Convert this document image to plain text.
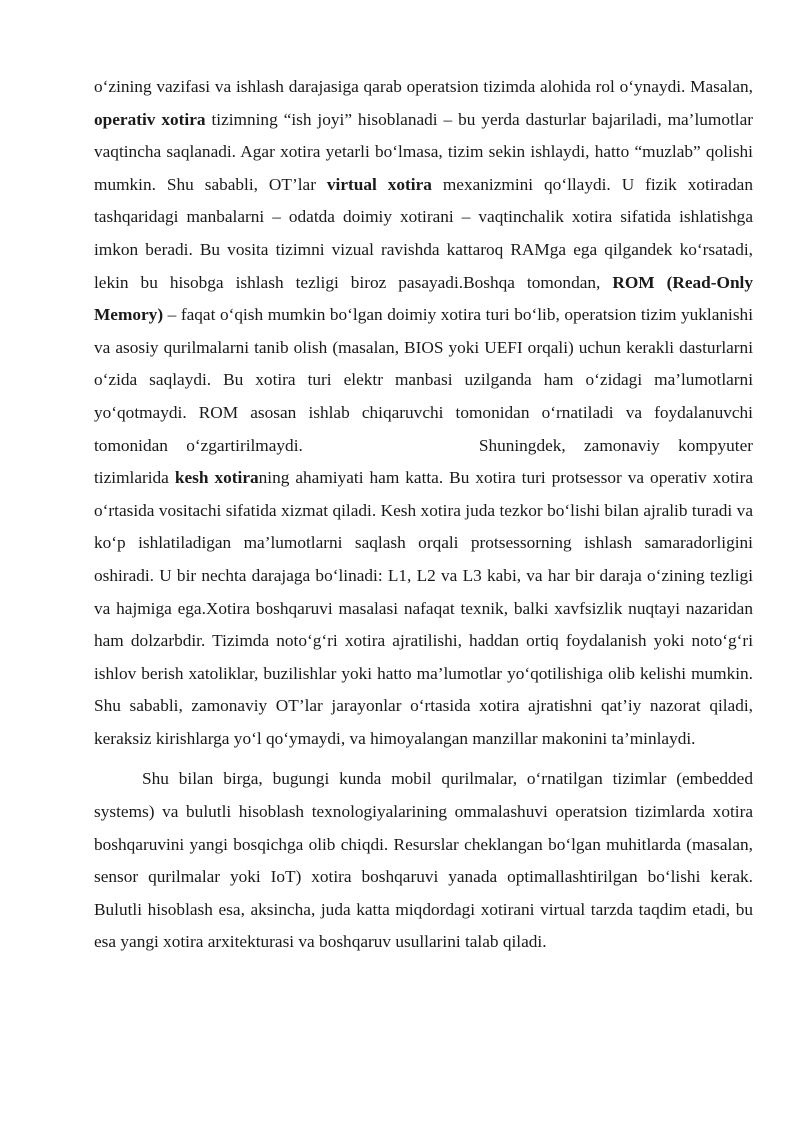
o‘zining vazifasi va ishlash darajasiga qarab operatsion tizimda alohida rol o‘ynaydi. Masalan, operativ xotira tizimning “ish joyi” hisoblanadi – bu yerda dasturlar bajariladi, ma’lumotlar vaqtincha saqlanadi. Agar xotira yetarli bo‘lmasa, tizim sekin ishlaydi, hatto “muzlab” qolishi mumkin. Shu sababli, OT’lar virtual xotira mexanizmini qo‘llaydi. U fizik xotiradan tashqaridagi manbalarni – odatda doimiy xotirani – vaqtinchalik xotira sifatida ishlatishga imkon beradi. Bu vosita tizimni vizual ravishda kattaroq RAMga ega qilgandek ko‘rsatadi, lekin bu hisobga ishlash tezligi biroz pasayadi.Boshqa tomondan, ROM (Read-Only Memory) – faqat o‘qish mumkin bo‘lgan doimiy xotira turi bo‘lib, operatsion tizim yuklanishi va asosiy qurilmalarni tanib olish (masalan, BIOS yoki UEFI orqali) uchun kerakli dasturlarni o‘zida saqlaydi. Bu xotira turi elektr manbasi uzilganda ham o‘zidagi ma’lumotlarni yo‘qotmaydi. ROM asosan ishlab chiqaruvchi tomonidan o‘rnatiladi va foydalanuvchi tomonidan o‘zgartirilmaydi.	Shuningdek, zamonaviy kompyuter tizimlarida kesh xotiraning ahamiyati ham katta. Bu xotira turi protsessor va operativ xotira o‘rtasida vositachi sifatida xizmat qiladi. Kesh xotira juda tezkor bo‘lishi bilan ajralib turadi va ko‘p ishlatiladigan ma’lumotlarni saqlash orqali protsessorning ishlash samaradorligini oshiradi. U bir nechta darajaga bo‘linadi: L1, L2 va L3 kabi, va har bir daraja o‘zining tezligi va hajmiga ega.Xotira boshqaruvi masalasi nafaqat texnik, balki xavfsizlik nuqtayi nazaridan ham dolzarbdir. Tizimda noto‘g‘ri xotira ajratilishi, haddan ortiq foydalanish yoki noto‘g‘ri ishlov berish xatoliklar, buzilishlar yoki hatto ma’lumotlar yo‘qotilishiga olib kelishi mumkin. Shu sababli, zamonaviy OT’lar jarayonlar o‘rtasida xotira ajratishni qat’iy nazorat qiladi, keraksiz kirishlarga yo‘l qo‘ymaydi, va himoyalangan manzillar makonini ta’minlaydi.

Shu bilan birga, bugungi kunda mobil qurilmalar, o‘rnatilgan tizimlar (embedded systems) va bulutli hisoblash texnologiyalarining ommalashuvi operatsion tizimlarda xotira boshqaruvini yangi bosqichga olib chiqdi. Resurslar cheklangan bo‘lgan muhitlarda (masalan, sensor qurilmalar yoki IoT) xotira boshqaruvi yanada optimallashtirilgan bo‘lishi kerak. Bulutli hisoblash esa, aksincha, juda katta miqdordagi xotirani virtual tarzda taqdim etadi, bu esa yangi xotira arxitekturasi va boshqaruv usullarini talab qiladi.
